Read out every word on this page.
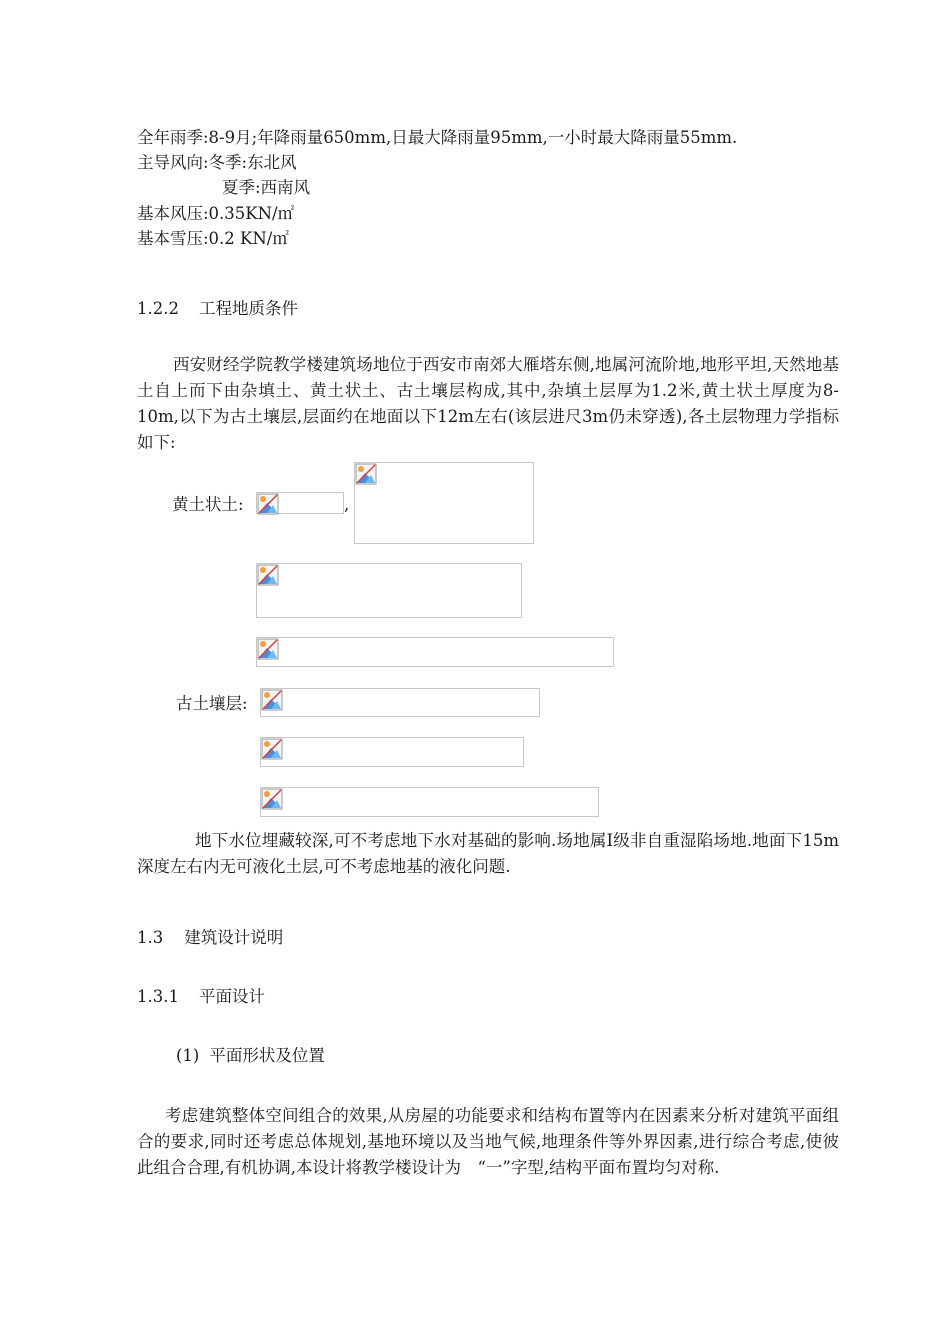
全年雨季:8-9月;年降雨量650mm,日最大降雨量95mm,一小时最大降雨量55mm.
主导风向:冬季:东北风
夏季:西南风
基本风压:0.35KN/㎡
基本雪压:0.2 KN/㎡
1.2.2 工程地质条件
西安财经学院教学楼建筑场地位于西安市南郊大雁塔东侧,地属河流阶地,地形平坦,天然地基土自上而下由杂填土、黄土状土、古土壤层构成,其中,杂填土层厚为1.2米,黄土状土厚度为8-10m,以下为古土壤层,层面约在地面以下12m左右(该层进尺3m仍未穿透),各土层物理力学指标如下:
黄土状土:	,
古土壤层:
地下水位埋藏较深,可不考虑地下水对基础的影响.场地属Ⅰ级非自重湿陷场地.地面下15m深度左右内无可液化土层,可不考虑地基的液化问题.
1.3 建筑设计说明
1.3.1 平面设计
(1) 平面形状及位置
考虑建筑整体空间组合的效果,从房屋的功能要求和结构布置等内在因素来分析对建筑平面组合的要求,同时还考虑总体规划,基地环境以及当地气候,地理条件等外界因素,进行综合考虑,使彼此组合合理,有机协调,本设计将教学楼设计为　“一”字型,结构平面布置均匀对称.
